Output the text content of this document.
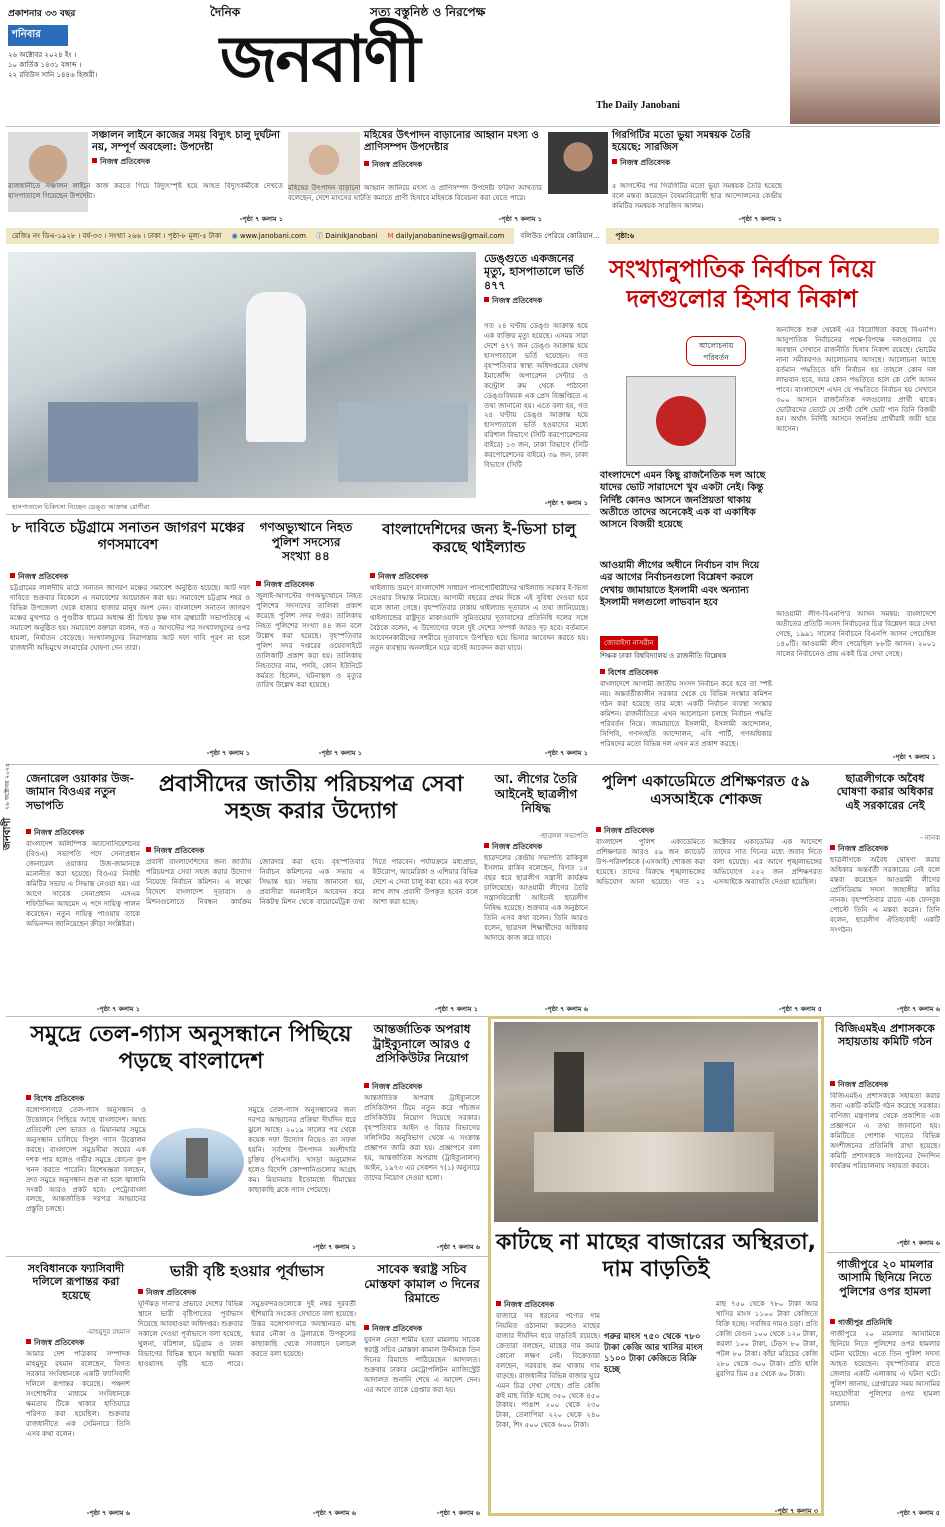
প্রকাশনার ৩৩ বছর
শনিবার
২৬ অক্টোবর ২০২৪ ইং ।
১০ কার্তিক ১৪৩১ বঙ্গাব্দ ।
২২ রবিউস সানি ১৪৪৬ হিজরী।
দৈনিক	সত্য বস্তুনিষ্ঠ ও নিরপেক্ষ
জনবাণী
The Daily Janobani
সঞ্চালন লাইনে কাজের সময় বিদ্যুৎ চালু দুর্ঘটনা নয়, সম্পূর্ণ অবহেলা: উপদেষ্টা
নিজস্ব প্রতিবেদক
রাজধানীতে সঞ্চালন লাইনে কাজ করতে গিয়ে বিদ্যুৎস্পৃষ্ট হয়ে আহত বিদ্যুৎকর্মীকে দেখতে হাসপাতালে গিয়েছেন উপদেষ্টা।
-পৃষ্ঠা ৭ কলাম ১
মহিষের উৎপাদন বাড়ানোর আহ্বান মৎস্য ও প্রাণিসম্পদ উপদেষ্টার
নিজস্ব প্রতিবেদক
মহিষের উৎপাদন বাড়ানো আহ্বান জানিয়ে মৎস্য ও প্রাণিসম্পদ উপদেষ্টা ফরিদা আখতার বলেছেন, দেশে মাংসের ঘাটতি কমাতে প্রাণী হিসাবে মহিষকে বিবেচনা করা যেতে পারে।
-পৃষ্ঠা ৭ কলাম ১
গিরগিটির মতো ভুয়া সমন্বয়ক তৈরি হয়েছে: সারজিস
নিজস্ব প্রতিবেদক
৫ আগস্টের পর গিরগিটির মতো ভুয়া সমন্বয়ক তৈরি হয়েছে বলে মন্তব্য করেছেন বৈষম্যবিরোধী ছাত্র আন্দোলনের কেন্দ্রীয় কমিটির সমন্বয়ক সারজিস আলম।
-পৃষ্ঠা ৭ কলাম ১
রেজিঃ নং ডিএ-১৯২৮ । বর্ষ-৩৩ । সংখ্যা ২৬৬ । ঢাকা । পৃষ্ঠা-৮ মূল্য-৫ টাকা ◉ www.janobani.com ⓕ DainikJanobani M dailyjanobaninews@gmail.com	বলিউড পেরিয়ে কোরিয়ান...	পৃষ্ঠা:৬
হাসপাতালে চিকিৎসা নিচ্ছেন ডেঙ্গু আক্রান্ত রোগীরা
ডেঙ্গুতে একজনের মৃত্যু, হাসপাতালে ভর্তি ৪৭৭
নিজস্ব প্রতিবেদক
গত ২৪ ঘণ্টায় ডেঙ্গু আক্রান্ত হয়ে এক ব্যক্তির মৃত্যু হয়েছে। এসময় সারা দেশে ৪৭৭ জন ডেঙ্গু আক্রান্ত হয়ে হাসপাতালে ভর্তি হয়েছেন। গত বৃহস্পতিবার স্বাস্থ্য অধিদপ্তরের হেলথ ইমার্জেন্সি অপারেশন সেন্টার ও কন্ট্রোল রুম থেকে পাঠানো ডেঙ্গুবিষয়ক এক প্রেস বিজ্ঞপ্তিতে এ তথ্য জানানো হয়। এতে বলা হয়, গত ২৪ ঘণ্টায় ডেঙ্গু আক্রান্ত হয়ে হাসপাতালে ভর্তি হওয়াদের মধ্যে বরিশাল বিভাগে (সিটি করপোরেশনের বাইরে) ১৩ জন, ঢাকা বিভাগে (সিটি করপোরেশনের বাইরে) ৩৯ জন, ঢাকা বিভাগে (সিটি
-পৃষ্ঠা ৭ কলাম ১
সংখ্যানুপাতিক নির্বাচন নিয়ে দলগুলোর হিসাব নিকাশ
আলোচনায় পরিবর্তন
বাংলাদেশে এমন কিছু রাজনৈতিক দল আছে যাদের ভোট সারাদেশে খুব একটা নেই। কিন্তু নির্দিষ্ট কোনও আসনে জনপ্রিয়তা থাকায় অতীতে তাদের অনেকেই এক বা একাধিক আসনে বিজয়ী হয়েছে
আওয়ামী লীগের অধীনে নির্বাচন বাদ দিয়ে এর আগের নির্বাচনগুলো বিশ্লেষণ করলে দেখায় জামায়াতে ইসলামী এবং অন্যান্য ইসলামী দলগুলো লাভবান হবে
জোবাইদা নাসরীন
শিক্ষক ঢাকা বিশ্ববিদ্যালয় ও রাজনীতি বিশ্লেষক
বিশেষ প্রতিবেদক
বাংলাদেশে আগামী জাতীয় সংসদ নির্বাচন কবে হবে তা স্পষ্ট নয়। অন্তর্বর্তীকালীন সরকার থেকে যে বিভিন্ন সংস্কার কমিশন গঠন করা হয়েছে তার মধ্যে একটি নির্বাচন ব্যবস্থা সংস্কার কমিশন। রাজনীতিতে এখন আলোচনা চলছে নির্বাচন পদ্ধতি পরিবর্তন নিয়ে। জামায়াতে ইসলামী, ইসলামী আন্দোলন, সিপিবি, গণসংহতি আন্দোলন, এবি পার্টি, গণঅধিকার পরিষদের মতো বিভিন্ন দল এখন মত প্রকাশ করছে।
অন্যদিকে শুরু থেকেই এর বিরোধিতা করছে বিএনপি। আনুপাতিক নির্বাচনের পক্ষে-বিপক্ষে দলগুলোর যে অবস্থান সেখানে রাজনীতি হিসাব নিকাশ রয়েছে। ভোটের নানা সমীকরণও আলোচনায় আসছে। আলোচনা আছে বর্তমান পদ্ধতিতে যদি নির্বাচন হয় তাহলে কোন দল লাভবান হবে, আর কোন পদ্ধতিতে হলে কে বেশি আসন পাবে। বাংলাদেশে এখন যে পদ্ধতিতে নির্বাচন হয় সেখানে ৩০০ আসনে রাজনৈতিক দলগুলোর প্রার্থী থাকে। ভোটারদের ভোটে যে প্রার্থী বেশি ভোট পান তিনি বিজয়ী হন। অর্থাৎ নির্দিষ্ট আসনে জনপ্রিয় প্রার্থীরাই জয়ী হয়ে আসেন।
আওয়ামী লীগ-বিএনপি'র আসন সমন্বয়: বাংলাদেশে অতীতের প্রতিটি সংসদ নির্বাচনের চিত্র বিশ্লেষণ করে দেখা গেছে, ১৯৯১ সালের নির্বাচনে বিএনপি আসন পেয়েছিল ১৪০টি। আওয়ামী লীগ পেয়েছিল ৮৮টি আসন। ২০০১ সালের নির্বাচনেও প্রায় একই চিত্র দেখা গেছে।
-পৃষ্ঠা ৭ কলাম ১
৮ দাবিতে চট্টগ্রামে সনাতন জাগরণ মঞ্চের গণসমাবেশ
নিজস্ব প্রতিবেদক
চট্টগ্রামের লালদীঘি মাঠে সনাতন জাগরণ মঞ্চের সমাবেশ অনুষ্ঠিত হয়েছে। আট দফা দাবিতে শুক্রবার বিকেলে এ সমাবেশের আয়োজন করা হয়। সমাবেশে চট্টগ্রাম শহর ও বিভিন্ন উপজেলা থেকে হাজার হাজার মানুষ অংশ নেন। বাংলাদেশ সনাতন জাগরণ মঞ্চের মুখপাত্র ও পুণ্ডরীক ধামের অধ্যক্ষ শ্রী চিন্ময় কৃষ্ণ দাস ব্রহ্মচারী সভাপতিত্বে এ সমাবেশ অনুষ্ঠিত হয়। সমাবেশে বক্তারা বলেন, গত ৫ আগস্টের পর সংখ্যালঘুদের ওপর হামলা, নির্যাতন বেড়েছে। সংখ্যালঘুদের নিরাপত্তায় আট দফা দাবি পূরণ না হলে রাজধানী অভিমুখে লংমার্চের ঘোষণা দেন তারা।
-পৃষ্ঠা ৭ কলাম ১
গণঅভ্যুত্থানে নিহত পুলিশ সদস্যের সংখ্যা ৪৪
নিজস্ব প্রতিবেদক
জুলাই-আগস্টের গণঅভ্যুত্থানে নিহত পুলিশের সদস্যদের তালিকা প্রকাশ করেছে পুলিশ সদর দপ্তর। তালিকায় নিহত পুলিশের সংখ্যা ৪৪ জন বলে উল্লেখ করা হয়েছে। বৃহস্পতিবার পুলিশ সদর দপ্তরের ওয়েবসাইটে তালিকাটি প্রকাশ করা হয়। তালিকায় নিহতদের নাম, পদবি, কোন ইউনিটে কর্মরত ছিলেন, ঘটনাস্থল ও মৃত্যুর তারিখ উল্লেখ করা হয়েছে।
-পৃষ্ঠা ৭ কলাম ১
বাংলাদেশিদের জন্য ই-ভিসা চালু করছে থাইল্যান্ড
নিজস্ব প্রতিবেদক
থাইল্যান্ড ভ্রমণে বাংলাদেশি সাধারণ পাসপোর্টধারীদের থাইল্যান্ড সরকার ই-ভিসা দেওয়ার সিদ্ধান্ত নিয়েছে। আগামী বছরের প্রথম দিকে এই সুবিধা দেওয়া হবে বলে জানা গেছে। বৃহস্পতিবার ঢাকায় থাইল্যান্ড দূতাবাস এ তথ্য জানিয়েছে। থাইল্যান্ডের রাষ্ট্রদূত মাকাওয়াদি সুমিতমোর দূতাবাসের প্রতিনিধি দলের সঙ্গে বৈঠকে বলেন, এ উদ্যোগের ফলে দুই দেশের সম্পর্ক আরও দৃঢ় হবে। বর্তমানে আবেদনকারীদের সশরীরে দূতাবাসে উপস্থিত হয়ে ভিসার আবেদন করতে হয়। নতুন ব্যবস্থায় অনলাইনে ঘরে বসেই আবেদন করা যাবে।
-পৃষ্ঠা ৭ কলাম ১
২৬ অক্টোবর ২০২৪
জনবাণী
জেনারেল ওয়াকার উজ-জামান বিওএর নতুন সভাপতি
নিজস্ব প্রতিবেদক
বাংলাদেশ অলিম্পিক অ্যাসোসিয়েশনের (বিওএ) সভাপতি পদে সেনাপ্রধান জেনারেল ওয়াকার উজ-জামানকে মনোনীত করা হয়েছে। বিওএর নির্বাহী কমিটির সভায় এ সিদ্ধান্ত নেওয়া হয়। এর আগে সাবেক সেনাপ্রধান এসএম শফিউদ্দিন আহমেদ এ পদে দায়িত্ব পালন করেছেন। নতুন দায়িত্ব পাওয়ায় তাকে অভিনন্দন জানিয়েছেন ক্রীড়া সংশ্লিষ্টরা।
-পৃষ্ঠা ৭ কলাম ১
প্রবাসীদের জাতীয় পরিচয়পত্র সেবা সহজ করার উদ্যোগ
নিজস্ব প্রতিবেদক
প্রবাসী বাংলাদেশিদের জন্য জাতীয় পরিচয়পত্র সেবা সহজ করার উদ্যোগ নিয়েছে নির্বাচন কমিশন। এ লক্ষ্যে বিদেশে বাংলাদেশ দূতাবাস ও মিশনগুলোতে নিবন্ধন কার্যক্রম জোরদার করা হবে। বৃহস্পতিবার নির্বাচন কমিশনের এক সভায় এ সিদ্ধান্ত হয়। সভায় জানানো হয়, প্রবাসীরা অনলাইনে আবেদন করে নিকটস্থ মিশন থেকে বায়োমেট্রিক তথ্য দিতে পারবেন। পর্যায়ক্রমে মধ্যপ্রাচ্য, ইউরোপ, আমেরিকা ও এশিয়ার বিভিন্ন দেশে এ সেবা চালু করা হবে। এর ফলে লাখ লাখ প্রবাসী উপকৃত হবেন বলে আশা করা হচ্ছে।
-পৃষ্ঠা ৭ কলাম ১
আ. লীগের তৈরি আইনেই ছাত্রলীগ নিষিদ্ধ
-ছাত্রদল সভাপতি
নিজস্ব প্রতিবেদক
ছাত্রদলের কেন্দ্রীয় সভাপতি রাকিবুল ইসলাম রাকিব বলেছেন, বিগত ১৫ বছর ধরে ছাত্রলীগ সন্ত্রাসী কার্যক্রম চালিয়েছে। আওয়ামী লীগের তৈরি সন্ত্রাসবিরোধী আইনেই ছাত্রলীগ নিষিদ্ধ হয়েছে। শুক্রবার এক অনুষ্ঠানে তিনি এসব কথা বলেন। তিনি আরও বলেন, ছাত্রদল শিক্ষার্থীদের অধিকার আদায়ে কাজ করে যাবে।
-পৃষ্ঠা ৭ কলাম ৬
পুলিশ একাডেমিতে প্রশিক্ষণরত ৫৯ এসআইকে শোকজ
নিজস্ব প্রতিবেদক
বাংলাদেশ পুলিশ একাডেমিতে প্রশিক্ষণরত আরও ৫৯ জন ক্যাডেট উপ-পরিদর্শককে (এসআই) শোকজ করা হয়েছে। তাদের বিরুদ্ধে শৃঙ্খলাভঙ্গের অভিযোগ আনা হয়েছে। গত ২১ অক্টোবর একাডেমির এক আদেশে তাদের সাত দিনের মধ্যে জবাব দিতে বলা হয়েছে। এর আগে শৃঙ্খলাভঙ্গের অভিযোগে ২৫২ জন প্রশিক্ষণরত এসআইকে অব্যাহতি দেওয়া হয়েছিল।
-পৃষ্ঠা ৭ কলাম ৫
ছাত্রলীগকে অবৈধ ঘোষণা করার অধিকার এই সরকারের নেই
- নানক
নিজস্ব প্রতিবেদক
ছাত্রলীগকে অবৈধ ঘোষণা করার অধিকার অন্তর্বর্তী সরকারের নেই বলে মন্তব্য করেছেন আওয়ামী লীগের প্রেসিডিয়াম সদস্য জাহাঙ্গীর কবির নানক। বৃহস্পতিবার রাতে এক ফেসবুক পোস্টে তিনি এ মন্তব্য করেন। তিনি বলেন, ছাত্রলীগ ঐতিহ্যবাহী একটি সংগঠন।
-পৃষ্ঠা ৭ কলাম ৬
সমুদ্রে তেল-গ্যাস অনুসন্ধানে পিছিয়ে পড়ছে বাংলাদেশ
বিশেষ প্রতিবেদক
বঙ্গোপসাগরে তেল-গ্যাস অনুসন্ধান ও উত্তোলনে পিছিয়ে আছে বাংলাদেশ। অথচ প্রতিবেশী দেশ ভারত ও মিয়ানমার সমুদ্রে অনুসন্ধান চালিয়ে বিপুল গ্যাস উত্তোলন করছে। বাংলাদেশ সমুদ্রসীমা জয়ের এক দশক পার হলেও গভীর সমুদ্রে কোনো কূপ খনন করতে পারেনি। বিশেষজ্ঞরা বলছেন, দ্রুত সমুদ্রে অনুসন্ধান শুরু না হলে জ্বালানি সংকট আরও প্রকট হবে। পেট্রোবাংলা বলছে, আন্তর্জাতিক দরপত্র আহ্বানের প্রস্তুতি চলছে।
সমুদ্রে তেল-গ্যাস অনুসন্ধানের জন্য দরপত্র আহ্বানের প্রক্রিয়া দীর্ঘদিন ধরে ঝুলে আছে। ২০১৯ সালের পর থেকে কয়েক দফা উদ্যোগ নিয়েও তা সফল হয়নি। সর্বশেষ উৎপাদন অংশীদারি চুক্তির (পিএসসি) খসড়া অনুমোদন হলেও বিদেশি কোম্পানিগুলোর আগ্রহ কম। মিয়ানমার ইতোমধ্যে সীমান্তের কাছাকাছি ব্লকে গ্যাস পেয়েছে।
-পৃষ্ঠা ৭ কলাম ১
আন্তর্জাতিক অপরাধ ট্রাইব্যুনালে আরও ৫ প্রসিকিউটর নিয়োগ
নিজস্ব প্রতিবেদক
আন্তর্জাতিক অপরাধ ট্রাইব্যুনালে প্রসিকিউশন টিমে নতুন করে পাঁচজন প্রসিকিউটর নিয়োগ দিয়েছে সরকার। বৃহস্পতিবার আইন ও বিচার বিভাগের সলিসিটর অনুবিভাগ থেকে এ সংক্রান্ত প্রজ্ঞাপন জারি করা হয়। প্রজ্ঞাপনে বলা হয়, আন্তর্জাতিক অপরাধ (ট্রাইব্যুনালস) আইন, ১৯৭৩ এর সেকশন ৭(১) অনুসারে তাদের নিয়োগ দেওয়া হলো।
-পৃষ্ঠা ৭ কলাম ৬ কাটছে না মাছের বাজারের অস্থিরতা, দাম বাড়তিই
নিজস্ব প্রতিবেদক
বাজারে সব ধরনের পণ্যের দাম নিয়মিত ওঠানামা করলেও মাছের বাজার দীর্ঘদিন ধরে বাড়তিই রয়েছে। ক্রেতারা বলছেন, মাছের দাম কমার কোনো লক্ষণ নেই। বিক্রেতারা বলছেন, সরবরাহ কম থাকায় দাম বাড়ছে। রাজধানীর বিভিন্ন বাজার ঘুরে এমন চিত্র দেখা গেছে। প্রতি কেজি রুই মাছ বিক্রি হচ্ছে ৩৫০ থেকে ৪৫০ টাকায়। পাঙাশ ২০০ থেকে ২৩০ টাকা, তেলাপিয়া ২২০ থেকে ২৪০ টাকা, শিং ৫০০ থেকে ৬০০ টাকা।
গরুর মাংস ৭৫০ থেকে ৭৮০ টাকা কেজি আর খাসির মাংস ১১০০ টাকা কেজিতে বিক্রি হচ্ছে
মাছ ৭৫০ থেকে ৭৮০ টাকা আর খাসির মাংস ১১০০ টাকা কেজিতে বিক্রি হচ্ছে। সবজির দামও চড়া। প্রতি কেজি বেগুন ১০০ থেকে ১২০ টাকা, করলা ১০০ টাকা, ঢেঁড়স ৮০ টাকা, পটল ৮০ টাকা। কাঁচা মরিচের কেজি ২৮০ থেকে ৩০০ টাকা। প্রতি হালি মুরগির ডিম ৫৫ থেকে ৬০ টাকা।
-পৃষ্ঠা ৭ কলাম ৩
বিজিএমইএ প্রশাসককে সহায়তায় কমিটি গঠন
নিজস্ব প্রতিবেদক
বিজিএমইএ প্রশাসককে সহায়তা করার জন্য একটি কমিটি গঠন করেছে সরকার। বাণিজ্য মন্ত্রণালয় থেকে প্রকাশিত এক প্রজ্ঞাপনে এ তথ্য জানানো হয়। কমিটিতে পোশাক খাতের বিভিন্ন অংশীজনের প্রতিনিধি রাখা হয়েছে। কমিটি প্রশাসককে সংগঠনের দৈনন্দিন কার্যক্রম পরিচালনায় সহায়তা করবে।
-পৃষ্ঠা ৭ কলাম ৬
সংবিধানকে ফ্যাসিবাদী দলিলে রূপান্তর করা হয়েছে
-মাহমুদুর রহমান
নিজস্ব প্রতিবেদক
আমার দেশ পত্রিকার সম্পাদক মাহমুদুর রহমান বলেছেন, বিগত সরকার সংবিধানকে একটি ফ্যাসিবাদী দলিলে রূপান্তর করেছে। পঞ্চদশ সংশোধনীর মাধ্যমে সংবিধানকে ক্ষমতায় টিকে থাকার হাতিয়ারে পরিণত করা হয়েছিল। শুক্রবার রাজধানীতে এক সেমিনারে তিনি এসব কথা বলেন।
-পৃষ্ঠা ৭ কলাম ৬
ভারী বৃষ্টি হওয়ার পূর্বাভাস
নিজস্ব প্রতিবেদক
ঘূর্ণিঝড় দানা'র প্রভাবে দেশের বিভিন্ন স্থানে ভারী বৃষ্টিপাতের পূর্বাভাস দিয়েছে আবহাওয়া অধিদপ্তর। শুক্রবার সকালে দেওয়া পূর্বাভাসে বলা হয়েছে, খুলনা, বরিশাল, চট্টগ্রাম ও ঢাকা বিভাগের বিভিন্ন স্থানে অস্থায়ী দমকা হাওয়াসহ বৃষ্টি হতে পারে। সমুদ্রবন্দরগুলোকে দুই নম্বর দূরবর্তী হুঁশিয়ারি সংকেত দেখাতে বলা হয়েছে। উত্তর বঙ্গোপসাগরে অবস্থানরত মাছ ধরার নৌকা ও ট্রলারকে উপকূলের কাছাকাছি থেকে সাবধানে চলাচল করতে বলা হয়েছে।
-পৃষ্ঠা ৭ কলাম ৬
সাবেক স্বরাষ্ট্র সচিব মোস্তফা কামাল ৩ দিনের রিমান্ডে
নিজস্ব প্রতিবেদক
যুবদল নেতা শামীম হত্যা মামলায় সাবেক স্বরাষ্ট্র সচিব মোস্তফা কামাল উদ্দীনকে তিন দিনের রিমান্ডে পাঠিয়েছেন আদালত। শুক্রবার ঢাকার মেট্রোপলিটন ম্যাজিস্ট্রেট আদালত শুনানি শেষে এ আদেশ দেন। এর আগে তাকে গ্রেপ্তার করা হয়।
-পৃষ্ঠা ৭ কলাম ৬
গাজীপুরে ২০ মামলার আসামি ছিনিয়ে নিতে পুলিশের ওপর হামলা
গাজীপুর প্রতিনিধি
গাজীপুরে ২০ মামলার আসামিকে ছিনিয়ে নিতে পুলিশের ওপর হামলার ঘটনা ঘটেছে। এতে তিন পুলিশ সদস্য আহত হয়েছেন। বৃহস্পতিবার রাতে জেলার একটি এলাকায় এ ঘটনা ঘটে। পুলিশ জানায়, গ্রেপ্তারের সময় আসামির সহযোগীরা পুলিশের ওপর হামলা চালায়।
-পৃষ্ঠা ৭ কলাম ৫
